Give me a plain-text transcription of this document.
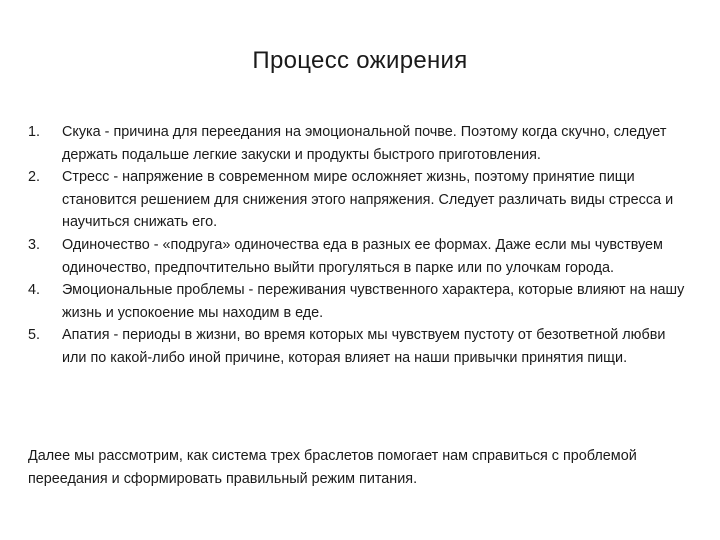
Процесс ожирения
1.	Скука - причина для переедания на эмоциональной почве. Поэтому когда скучно, следует держать подальше легкие закуски и продукты быстрого приготовления.
2.	Стресс - напряжение в современном мире осложняет жизнь, поэтому принятие пищи становится решением для снижения этого напряжения. Следует различать виды стресса и научиться снижать его.
3.	Одиночество - «подруга» одиночества еда в разных ее формах. Даже если мы чувствуем одиночество, предпочтительно выйти прогуляться в парке или по улочкам города.
4.	Эмоциональные проблемы - переживания чувственного характера, которые влияют на нашу жизнь и успокоение мы находим в еде.
5.	Апатия - периоды в жизни, во время которых мы чувствуем пустоту от безответной любви или по какой-либо иной причине, которая влияет на наши привычки принятия пищи.
Далее мы рассмотрим, как система трех браслетов помогает нам справиться с проблемой переедания и сформировать правильный режим питания.
